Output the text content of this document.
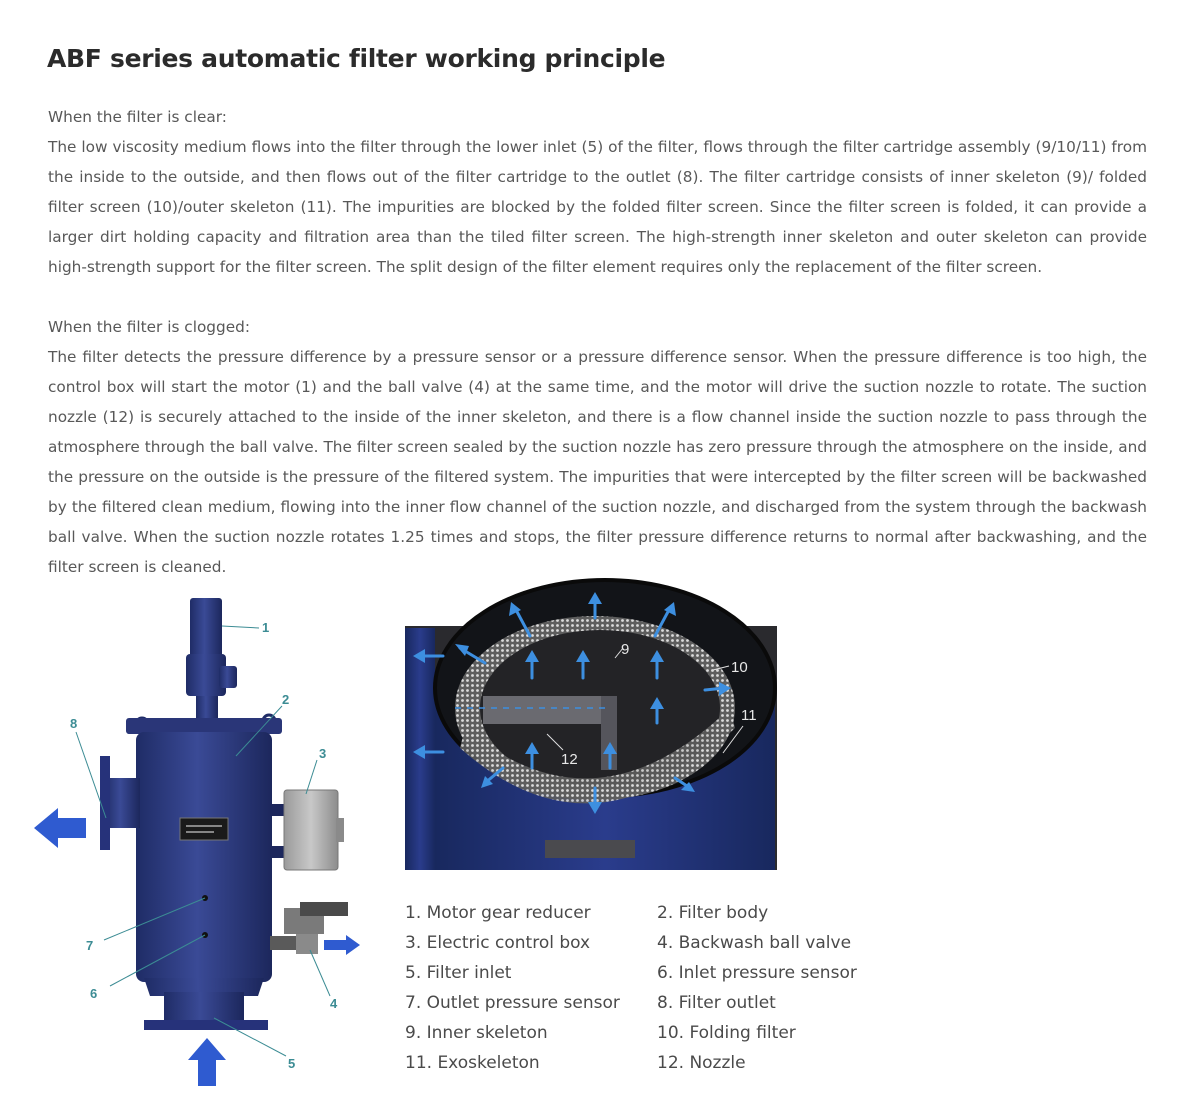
ABF series automatic filter working principle

When the filter is clear:

The low viscosity medium flows into the filter through the lower inlet (5) of the filter, flows through the filter cartridge assembly (9/10/11) from the inside to the outside, and then flows out of the filter cartridge to the outlet (8). The filter cartridge consists of inner skeleton (9)/ folded filter screen (10)/outer skeleton (11). The impurities are blocked by the folded filter screen. Since the filter screen is folded, it can provide a larger dirt holding capacity and filtration area than the tiled filter screen. The high-strength inner skeleton and outer skeleton can provide high-strength support for the filter screen. The split design of the filter element requires only the replacement of the filter screen.

When the filter is clogged:

The filter detects the pressure difference by a pressure sensor or a pressure difference sensor. When the pressure difference is too high, the control box will start the motor (1) and the ball valve (4) at the same time, and the motor will drive the suction nozzle to rotate. The suction nozzle (12) is securely attached to the inside of the inner skeleton, and there is a flow channel inside the suction nozzle to pass through the atmosphere through the ball valve. The filter screen sealed by the suction nozzle has zero pressure through the atmosphere on the inside, and the pressure on the outside is the pressure of the filtered system. The impurities that were intercepted by the filter screen will be backwashed by the filtered clean medium, flowing into the inner flow channel of the suction nozzle, and discharged from the system through the backwash ball valve. When the suction nozzle rotates 1.25 times and stops, the filter pressure difference returns to normal after backwashing, and the filter screen is cleaned.

1
2
3
4
5
6
7
8
9
10
11
12
1. Motor gear reducer	2. Filter body
3. Electric control box	4. Backwash ball valve
5. Filter inlet	6. Inlet pressure sensor
7. Outlet pressure sensor	8. Filter outlet
9. Inner skeleton	10. Folding filter
11. Exoskeleton	12. Nozzle
